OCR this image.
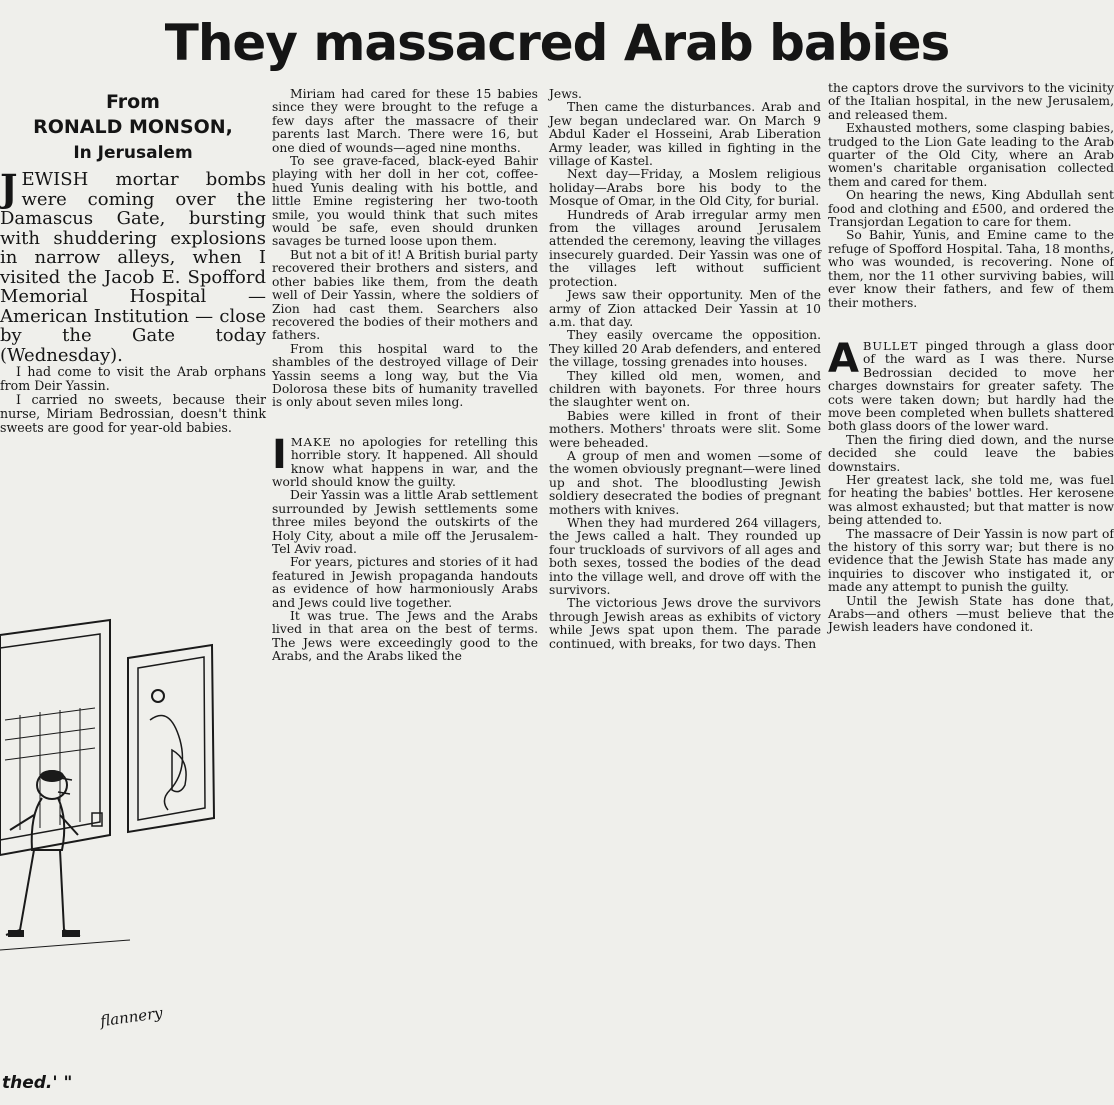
They massacred Arab babies

From

RONALD MONSON,

In Jerusalem

JEWISH mortar bombs were coming over the Damascus Gate, bursting with shuddering explosions in narrow alleys, when I visited the Jacob E. Spofford Memorial Hospital — American Institution — close by the Gate today (Wednesday).

I had come to visit the Arab orphans from Deir Yassin.

I carried no sweets, because their nurse, Miriam Bedrossian, doesn't think sweets are good for year-old babies.

flannery
thed.' "

Miriam had cared for these 15 babies since they were brought to the refuge a few days after the massacre of their parents last March. There were 16, but one died of wounds—aged nine months.

To see grave-faced, black-eyed Bahir playing with her doll in her cot, coffee-hued Yunis dealing with his bottle, and little Emine registering her two-tooth smile, you would think that such mites would be safe, even should drunken savages be turned loose upon them.

But not a bit of it! A British burial party recovered their brothers and sisters, and other babies like them, from the death well of Deir Yassin, where the soldiers of Zion had cast them. Searchers also recovered the bodies of their mothers and fathers.

From this hospital ward to the shambles of the destroyed village of Deir Yassin seems a long way, but the Via Dolorosa these bits of humanity travelled is only about seven miles long.

IMAKE no apologies for retelling this horrible story. It happened. All should know what happens in war, and the world should know the guilty.

Deir Yassin was a little Arab settlement surrounded by Jewish settlements some three miles beyond the outskirts of the Holy City, about a mile off the Jerusalem-Tel Aviv road.

For years, pictures and stories of it had featured in Jewish propaganda handouts as evidence of how harmoniously Arabs and Jews could live together.

It was true. The Jews and the Arabs lived in that area on the best of terms. The Jews were exceedingly good to the Arabs, and the Arabs liked the

Jews.

Then came the disturbances. Arab and Jew began undeclared war. On March 9 Abdul Kader el Hosseini, Arab Liberation Army leader, was killed in fighting in the village of Kastel.

Next day—Friday, a Moslem religious holiday—Arabs bore his body to the Mosque of Omar, in the Old City, for burial.

Hundreds of Arab irregular army men from the villages around Jerusalem attended the ceremony, leaving the villages insecurely guarded. Deir Yassin was one of the villages left without sufficient protection.

Jews saw their opportunity. Men of the army of Zion attacked Deir Yassin at 10 a.m. that day.

They easily overcame the opposition. They killed 20 Arab defenders, and entered the village, tossing grenades into houses.

They killed old men, women, and children with bayonets. For three hours the slaughter went on.

Babies were killed in front of their mothers. Mothers' throats were slit. Some were beheaded.

A group of men and women —some of the women obviously pregnant—were lined up and shot. The bloodlusting Jewish soldiery desecrated the bodies of pregnant mothers with knives.

When they had murdered 264 villagers, the Jews called a halt. They rounded up four truckloads of survivors of all ages and both sexes, tossed the bodies of the dead into the village well, and drove off with the survivors.

The victorious Jews drove the survivors through Jewish areas as exhibits of victory while Jews spat upon them. The parade continued, with breaks, for two days. Then

the captors drove the survivors to the vicinity of the Italian hospital, in the new Jerusalem, and released them.

Exhausted mothers, some clasping babies, trudged to the Lion Gate leading to the Arab quarter of the Old City, where an Arab women's charitable organisation collected them and cared for them.

On hearing the news, King Abdullah sent food and clothing and £500, and ordered the Transjordan Legation to care for them.

So Bahir, Yunis, and Emine came to the refuge of Spofford Hospital. Taha, 18 months, who was wounded, is recovering. None of them, nor the 11 other surviving babies, will ever know their fathers, and few of them their mothers.

ABULLET pinged through a glass door of the ward as I was there. Nurse Bedrossian decided to move her charges downstairs for greater safety. The cots were taken down; but hardly had the move been completed when bullets shattered both glass doors of the lower ward.

Then the firing died down, and the nurse decided she could leave the babies downstairs.

Her greatest lack, she told me, was fuel for heating the babies' bottles. Her kerosene was almost exhausted; but that matter is now being attended to.

The massacre of Deir Yassin is now part of the history of this sorry war; but there is no evidence that the Jewish State has made any inquiries to discover who instigated it, or made any attempt to punish the guilty.

Until the Jewish State has done that, Arabs—and others —must believe that the Jewish leaders have condoned it.
